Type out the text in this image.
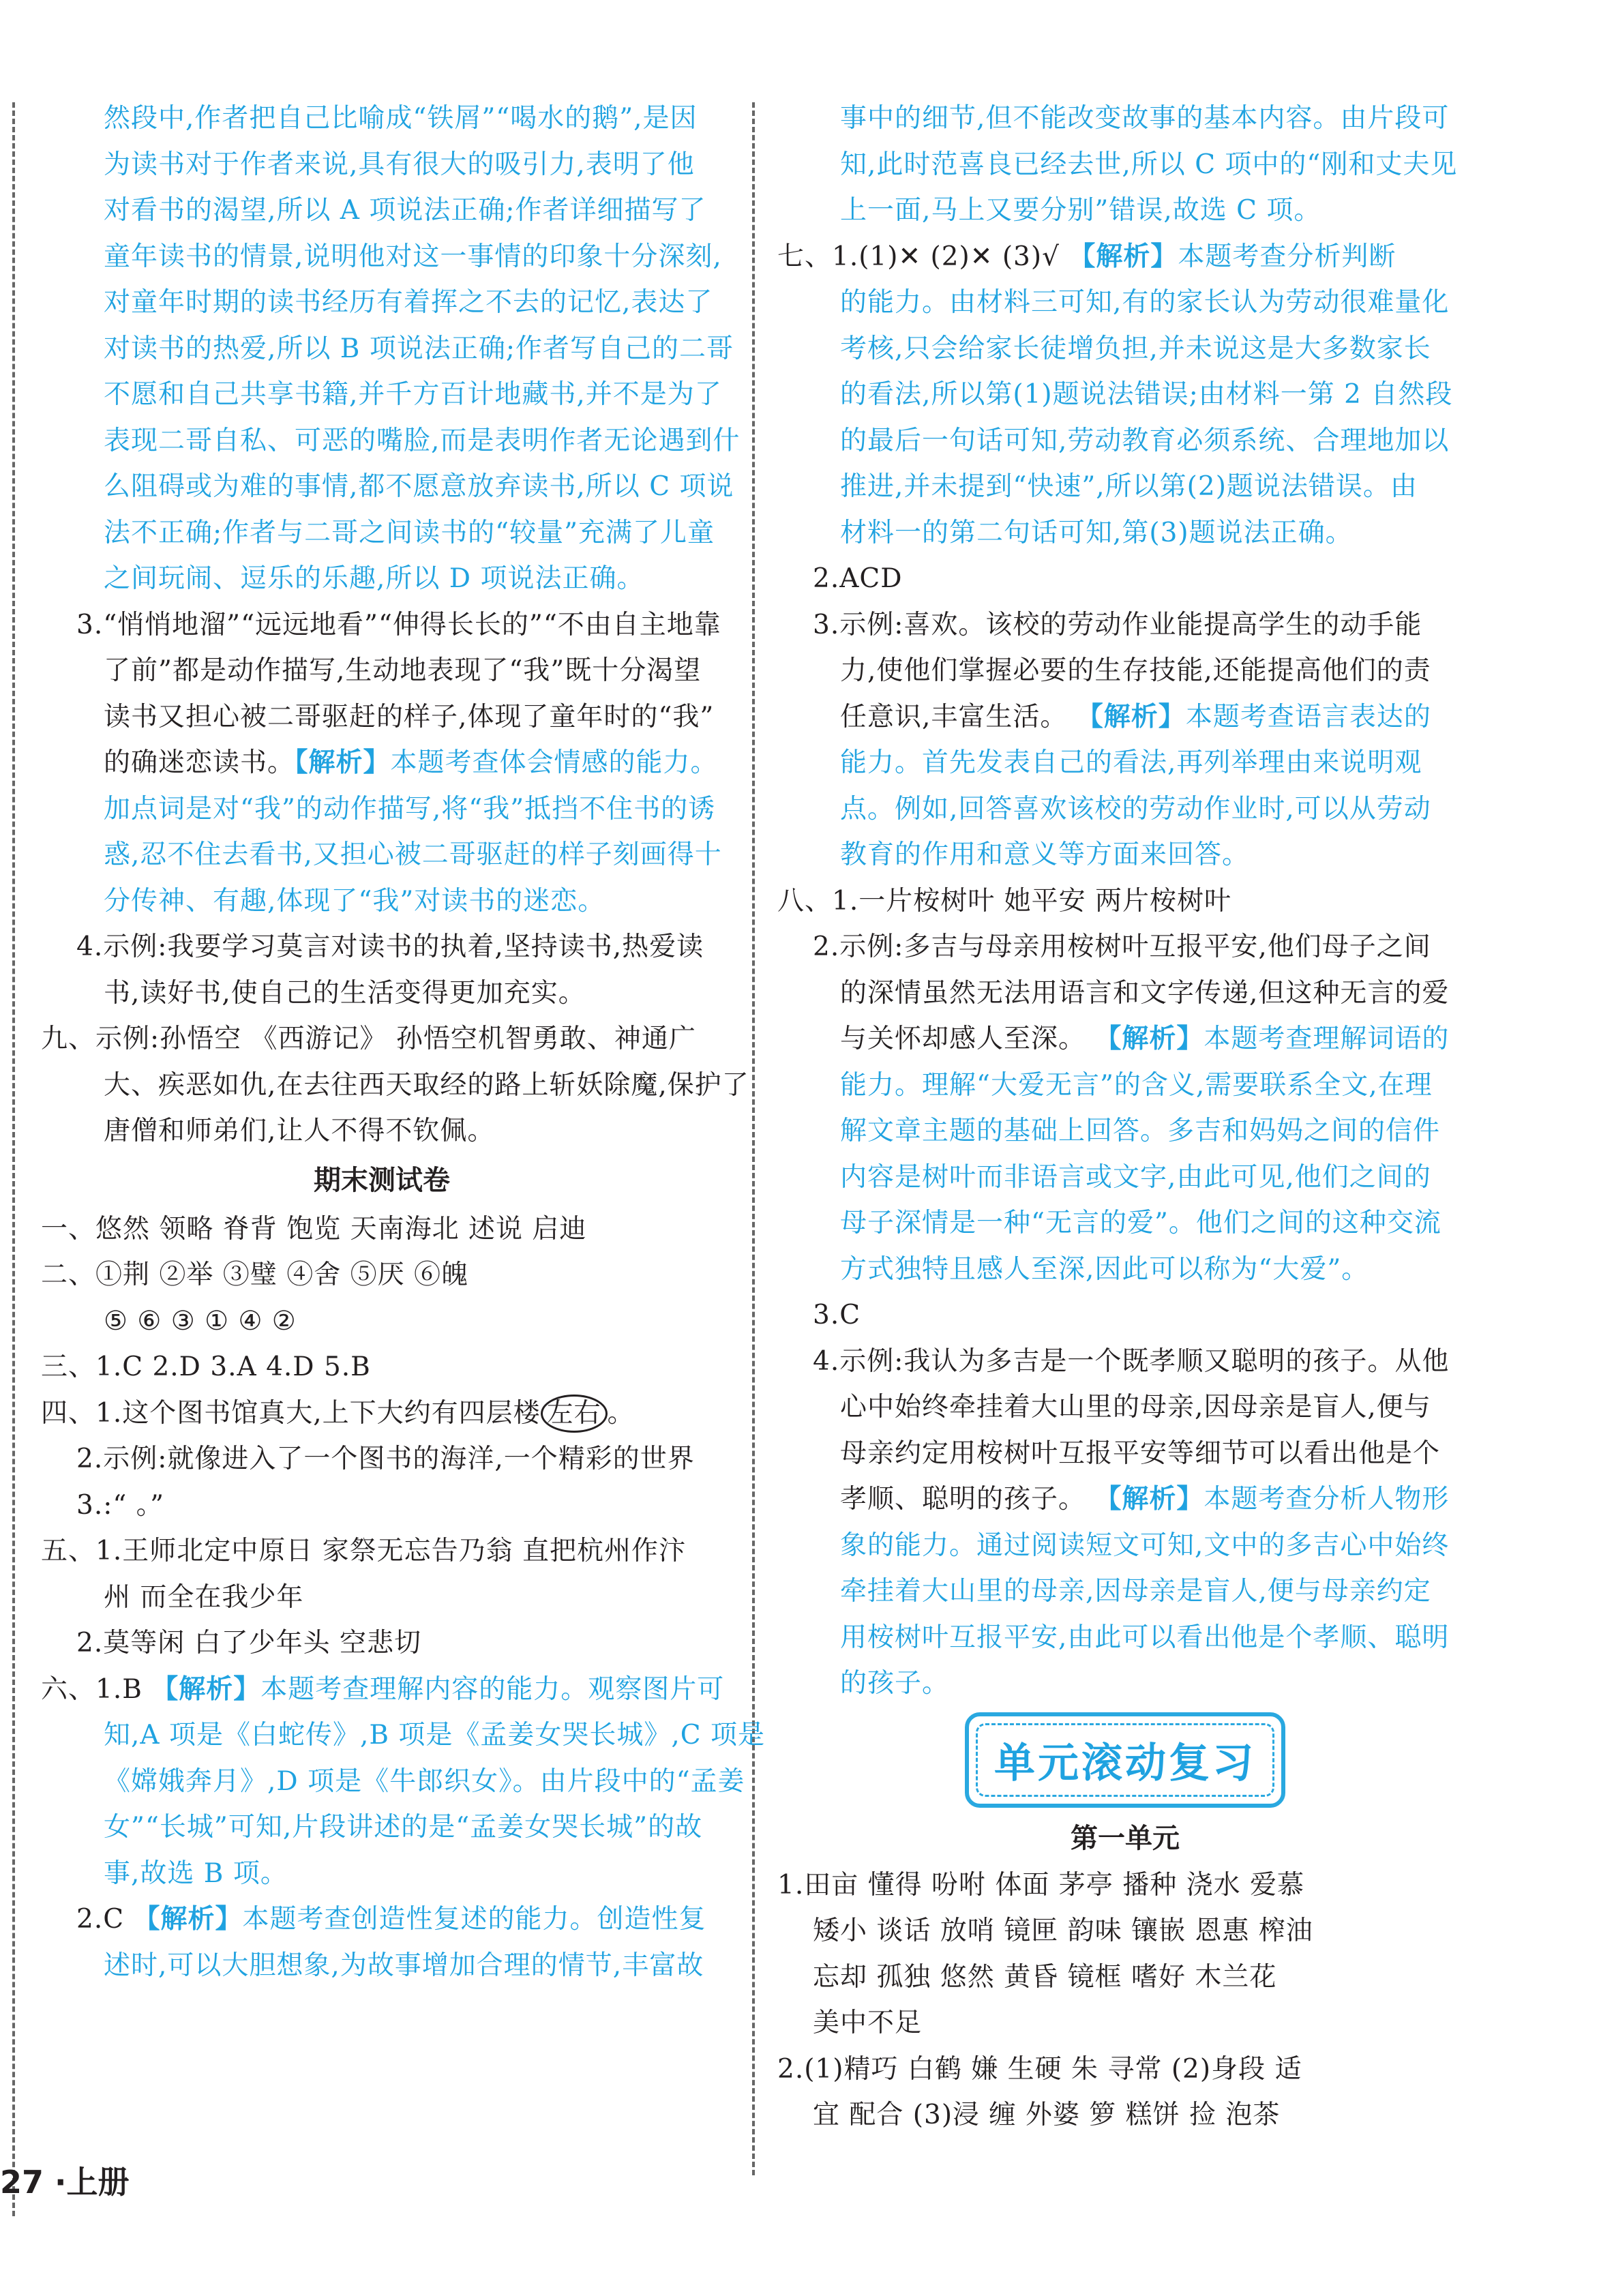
然段中,作者把自己比喻成“铁屑”“喝水的鹅”,是因
为读书对于作者来说,具有很大的吸引力,表明了他
对看书的渴望,所以 A 项说法正确;作者详细描写了
童年读书的情景,说明他对这一事情的印象十分深刻,
对童年时期的读书经历有着挥之不去的记忆,表达了
对读书的热爱,所以 B 项说法正确;作者写自己的二哥
不愿和自己共享书籍,并千方百计地藏书,并不是为了
表现二哥自私、可恶的嘴脸,而是表明作者无论遇到什
么阻碍或为难的事情,都不愿意放弃读书,所以 C 项说
法不正确;作者与二哥之间读书的“较量”充满了儿童
之间玩闹、逗乐的乐趣,所以 D 项说法正确。
3.“悄悄地溜”“远远地看”“伸得长长的”“不由自主地靠
了前”都是动作描写,生动地表现了“我”既十分渴望
读书又担心被二哥驱赶的样子,体现了童年时的“我”
的确迷恋读书。【解析】本题考查体会情感的能力。
加点词是对“我”的动作描写,将“我”抵挡不住书的诱
惑,忍不住去看书,又担心被二哥驱赶的样子刻画得十
分传神、有趣,体现了“我”对读书的迷恋。
4.示例:我要学习莫言对读书的执着,坚持读书,热爱读
书,读好书,使自己的生活变得更加充实。
九、示例:孙悟空 《西游记》 孙悟空机智勇敢、神通广
大、疾恶如仇,在去往西天取经的路上斩妖除魔,保护了
唐僧和师弟们,让人不得不钦佩。
期末测试卷
一、悠然 领略 脊背 饱览 天南海北 述说 启迪
二、①荆 ②举 ③璧 ④舍 ⑤厌 ⑥魄
⑤ ⑥ ③ ① ④ ②
三、1.C 2.D 3.A 4.D 5.B
四、1.这个图书馆真大,上下大约有四层楼 左右 。
2.示例:就像进入了一个图书的海洋,一个精彩的世界
3.:“ 。”
五、1.王师北定中原日 家祭无忘告乃翁 直把杭州作汴
州 而全在我少年
2.莫等闲 白了少年头 空悲切
六、1.B 【解析】本题考查理解内容的能力。观察图片可
知,A 项是《白蛇传》,B 项是《孟姜女哭长城》,C 项是
《嫦娥奔月》,D 项是《牛郎织女》。由片段中的“孟姜
女”“长城”可知,片段讲述的是“孟姜女哭长城”的故
事,故选 B 项。
2.C 【解析】本题考查创造性复述的能力。创造性复
述时,可以大胆想象,为故事增加合理的情节,丰富故
事中的细节,但不能改变故事的基本内容。由片段可
知,此时范喜良已经去世,所以 C 项中的“刚和丈夫见
上一面,马上又要分别”错误,故选 C 项。
七、1.(1)✕ (2)✕ (3)√ 【解析】本题考查分析判断
的能力。由材料三可知,有的家长认为劳动很难量化
考核,只会给家长徒增负担,并未说这是大多数家长
的看法,所以第(1)题说法错误;由材料一第 2 自然段
的最后一句话可知,劳动教育必须系统、合理地加以
推进,并未提到“快速”,所以第(2)题说法错误。由
材料一的第二句话可知,第(3)题说法正确。
2.ACD
3.示例:喜欢。该校的劳动作业能提高学生的动手能
力,使他们掌握必要的生存技能,还能提高他们的责
任意识,丰富生活。 【解析】本题考查语言表达的
能力。首先发表自己的看法,再列举理由来说明观
点。例如,回答喜欢该校的劳动作业时,可以从劳动
教育的作用和意义等方面来回答。
八、1.一片桉树叶 她平安 两片桉树叶
2.示例:多吉与母亲用桉树叶互报平安,他们母子之间
的深情虽然无法用语言和文字传递,但这种无言的爱
与关怀却感人至深。 【解析】本题考查理解词语的
能力。理解“大爱无言”的含义,需要联系全文,在理
解文章主题的基础上回答。多吉和妈妈之间的信件
内容是树叶而非语言或文字,由此可见,他们之间的
母子深情是一种“无言的爱”。他们之间的这种交流
方式独特且感人至深,因此可以称为“大爱”。
3.C
4.示例:我认为多吉是一个既孝顺又聪明的孩子。从他
心中始终牵挂着大山里的母亲,因母亲是盲人,便与
母亲约定用桉树叶互报平安等细节可以看出他是个
孝顺、聪明的孩子。 【解析】本题考查分析人物形
象的能力。通过阅读短文可知,文中的多吉心中始终
牵挂着大山里的母亲,因母亲是盲人,便与母亲约定
用桉树叶互报平安,由此可以看出他是个孝顺、聪明
的孩子。
单元滚动复习
第一单元
1.田亩 懂得 吩咐 体面 茅亭 播种 浇水 爱慕
矮小 谈话 放哨 镜匣 韵味 镶嵌 恩惠 榨油
忘却 孤独 悠然 黄昏 镜框 嗜好 木兰花
美中不足
2.(1)精巧 白鹤 嫌 生硬 朱 寻常 (2)身段 适
宜 配合 (3)浸 缠 外婆 箩 糕饼 捡 泡茶
27 ·上册
